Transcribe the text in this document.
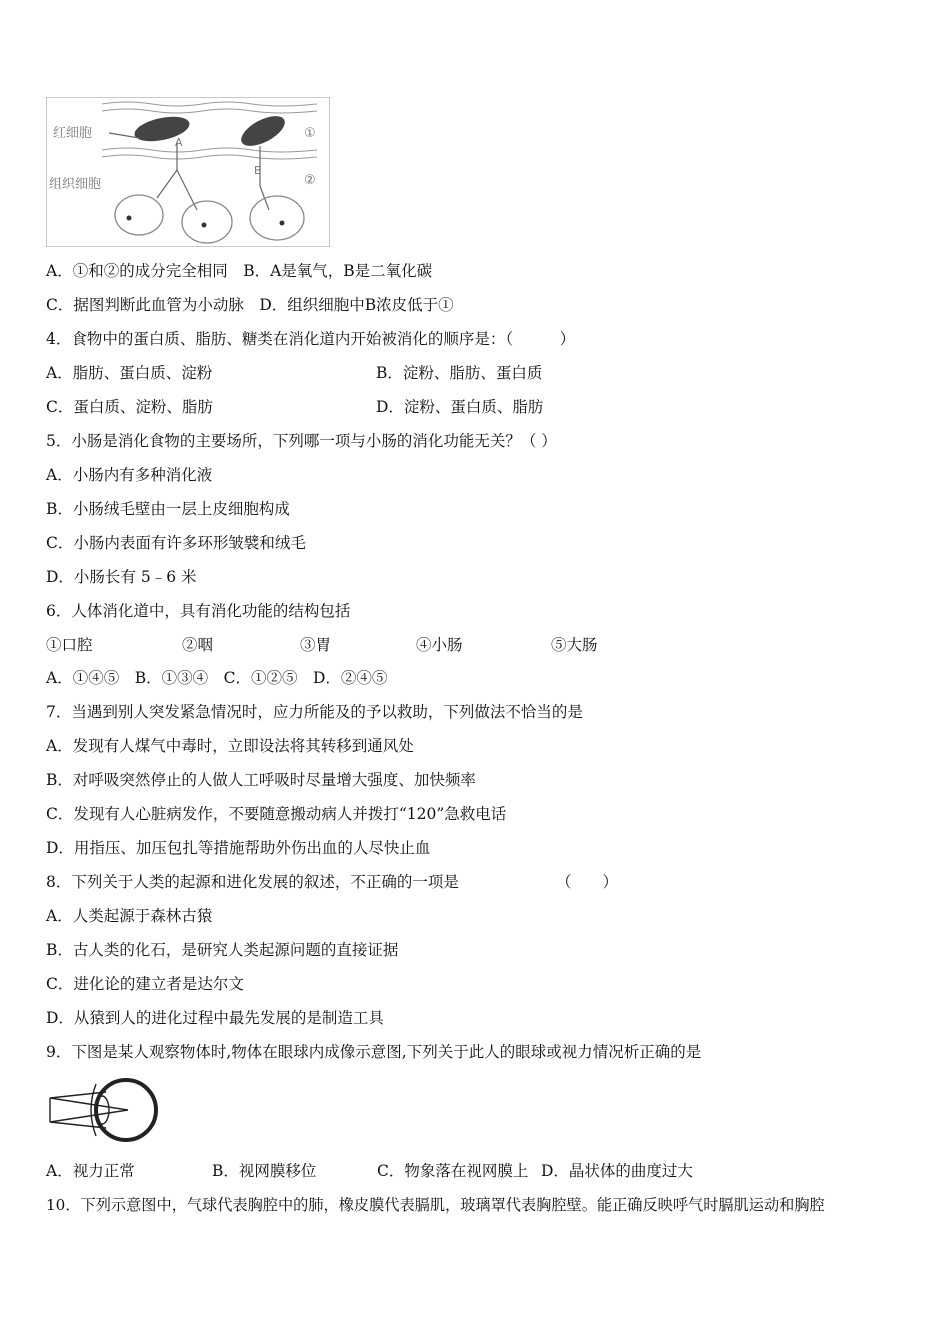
红细胞
组织细胞
A
B
①
②
A．①和②的成分完全相同　B．A是氧气，B是二氧化碳
C．据图判断此血管为小动脉　D．组织细胞中B浓皮低于①
4．食物中的蛋白质、脂肪、糖类在消化道内开始被消化的顺序是：（　　　）
A．脂肪、蛋白质、淀粉	B．淀粉、脂肪、蛋白质
C．蛋白质、淀粉、脂肪	D．淀粉、蛋白质、脂肪
5．小肠是消化食物的主要场所，下列哪一项与小肠的消化功能无关？（ ）
A．小肠内有多种消化液
B．小肠绒毛壁由一层上皮细胞构成
C．小肠内表面有许多环形皱襞和绒毛
D．小肠长有 5﹣6 米
6．人体消化道中，具有消化功能的结构包括
①口腔	②咽	③胃	④小肠	⑤大肠
A．①④⑤　B．①③④　C．①②⑤　D．②④⑤
7．当遇到别人突发紧急情况时，应力所能及的予以救助，下列做法不恰当的是
A．发现有人煤气中毒时，立即设法将其转移到通风处
B．对呼吸突然停止的人做人工呼吸时尽量增大强度、加快频率
C．发现有人心脏病发作，不要随意搬动病人并拨打“120”急救电话
D．用指压、加压包扎等措施帮助外伤出血的人尽快止血
8．下列关于人类的起源和进化发展的叙述，不正确的一项是	（　　）
A．人类起源于森林古猿
B．古人类的化石，是研究人类起源问题的直接证据
C．进化论的建立者是达尔文
D．从猿到人的进化过程中最先发展的是制造工具
9．下图是某人观察物体时,物体在眼球内成像示意图,下列关于此人的眼球或视力情况析正确的是
A．视力正常	B．视网膜移位	C．物象落在视网膜上 D．晶状体的曲度过大
10．下列示意图中，气球代表胸腔中的肺，橡皮膜代表膈肌，玻璃罩代表胸腔壁。能正确反映呼气时膈肌运动和胸腔
